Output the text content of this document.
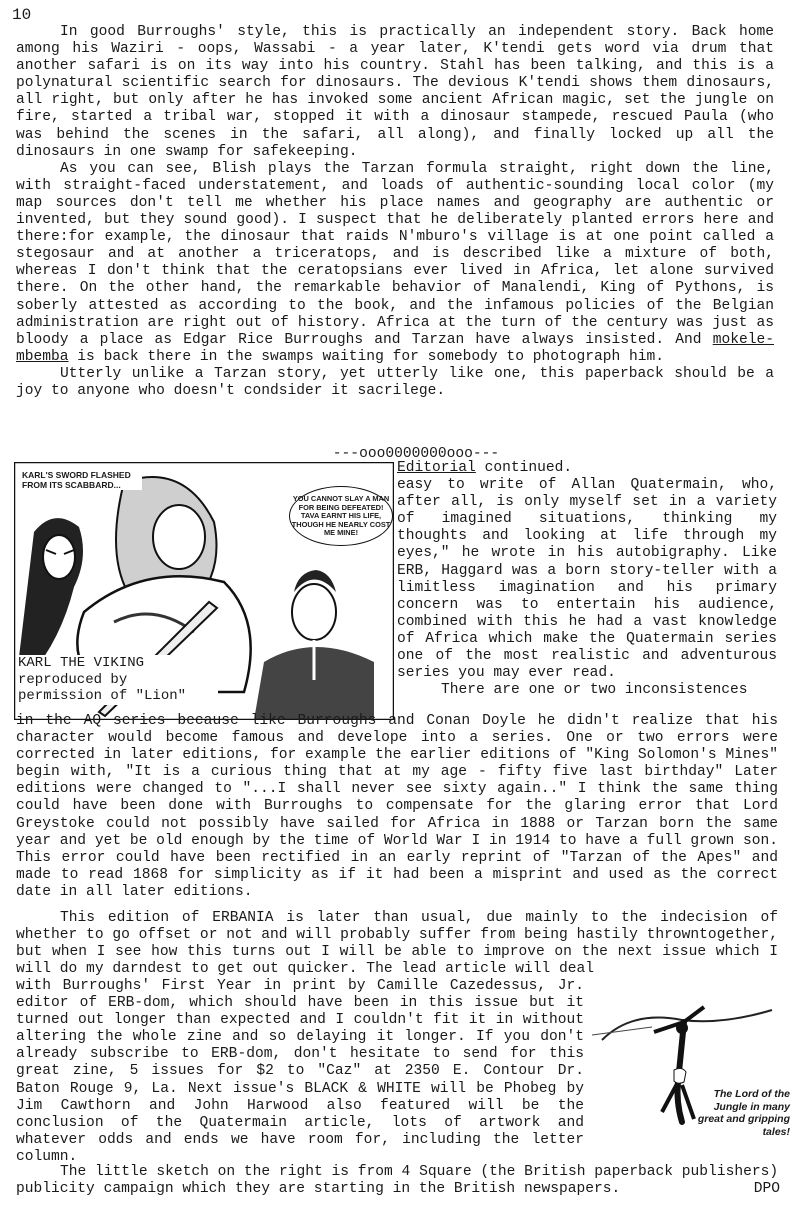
10

In good Burroughs' style, this is practically an independent story. Back home among his Waziri - oops, Wassabi - a year later, K'tendi gets word via drum that another safari is on its way into his country. Stahl has been talking, and this is a polynatural scientific search for dinosaurs. The devious K'tendi shows them dinosaurs, all right, but only after he has invoked some ancient African magic, set the jungle on fire, started a tribal war, stopped it with a dinosaur stampede, rescued Paula (who was behind the scenes in the safari, all along), and finally locked up all the dinosaurs in one swamp for safekeeping.

As you can see, Blish plays the Tarzan formula straight, right down the line, with straight-faced understatement, and loads of authentic-sounding local color (my map sources don't tell me whether his place names and geography are authentic or invented, but they sound good). I suspect that he deliberately planted errors here and there:for example, the dinosaur that raids N'mburo's village is at one point called a stegosaur and at another a triceratops, and is described like a mixture of both, whereas I don't think that the ceratopsians ever lived in Africa, let alone survived there. On the other hand, the remarkable behavior of Manalendi, King of Pythons, is soberly attested as according to the book, and the infamous policies of the Belgian administration are right out of history. Africa at the turn of the century was just as bloody a place as Edgar Rice Burroughs and Tarzan have always insisted. And mokele-mbemba is back there in the swamps waiting for somebody to photograph him.

Utterly unlike a Tarzan story, yet utterly like one, this paperback should be a joy to anyone who doesn't condsider it sacrilege.

---ooo0000000ooo---
KARL'S SWORD FLASHED FROM ITS SCABBARD...
YOU CANNOT SLAY A MAN FOR BEING DEFEATED! TAVA EARNT HIS LIFE, THOUGH HE NEARLY COST ME MINE!
KARL THE VIKING reproduced by permission of "Lion"
Editorial continued.
easy to write of Allan Quatermain, who, after all, is only myself set in a variety of imagined situations, thinking my thoughts and looking at life through my eyes," he wrote in his autobigraphy. Like ERB, Haggard was a born story-teller with a limitless imagination and his primary concern was to entertain his audience, combined with this he had a vast knowledge of Africa which make the Quatermain series one of the most realistic and adventurous series you may ever read.
There are one or two inconsistences
in the AQ series because like Burroughs and Conan Doyle he didn't realize that his character would become famous and develope into a series. One or two errors were corrected in later editions, for example the earlier editions of "King Solomon's Mines" begin with, "It is a curious thing that at my age - fifty five last birthday" Later editions were changed to "...I shall never see sixty again.." I think the same thing could have been done with Burroughs to compensate for the glaring error that Lord Greystoke could not possibly have sailed for Africa in 1888 or Tarzan born the same year and yet be old enough by the time of World War I in 1914 to have a full grown son. This error could have been rectified in an early reprint of "Tarzan of the Apes" and made to read 1868 for simplicity as if it had been a misprint and used as the correct date in all later editions.
This edition of ERBANIA is later than usual, due mainly to the indecision of whether to go offset or not and will probably suffer from being hastily throwntogether, but when I see how this turns out I will be able to improve on the next issue which I will do my darndest to get out quicker. The lead article will deal
with Burroughs' First Year in print by Camille Cazedessus, Jr. editor of ERB-dom, which should have been in this issue but it turned out longer than expected and I couldn't fit it in without altering the whole zine and so delaying it longer. If you don't already subscribe to ERB-dom, don't hesitate to send for this great zine, 5 issues for $2 to "Caz" at 2350 E. Contour Dr. Baton Rouge 9, La. Next issue's BLACK & WHITE will be Phobeg by Jim Cawthorn and John Harwood also featured will be the conclusion of the Quatermain article, lots of artwork and whatever odds and ends we have room for, including the letter column.
The Lord of the Jungle in many great and gripping tales!
The little sketch on the right is from 4 Square (the British paperback publishers) publicity campaign which they are starting in the British newspapers.	DPO
